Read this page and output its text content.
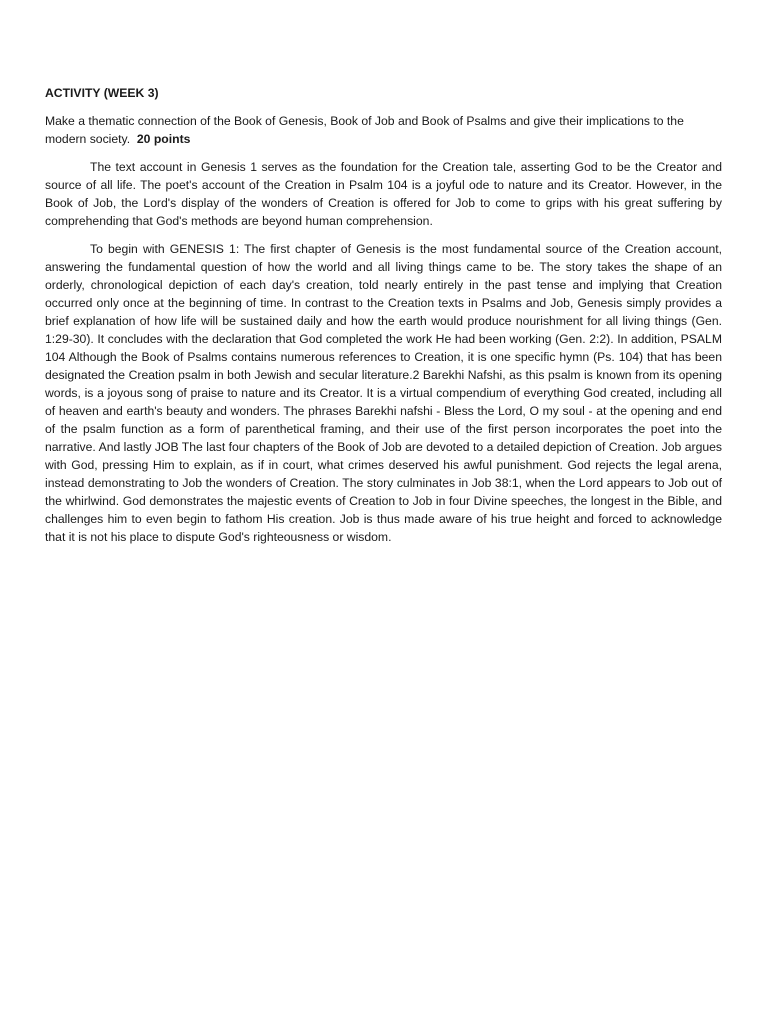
ACTIVITY (WEEK 3)

Make a thematic connection of the Book of Genesis, Book of Job and Book of Psalms and give their implications to the modern society. 20 points

The text account in Genesis 1 serves as the foundation for the Creation tale, asserting God to be the Creator and source of all life. The poet's account of the Creation in Psalm 104 is a joyful ode to nature and its Creator. However, in the Book of Job, the Lord's display of the wonders of Creation is offered for Job to come to grips with his great suffering by comprehending that God's methods are beyond human comprehension.

To begin with GENESIS 1: The first chapter of Genesis is the most fundamental source of the Creation account, answering the fundamental question of how the world and all living things came to be. The story takes the shape of an orderly, chronological depiction of each day's creation, told nearly entirely in the past tense and implying that Creation occurred only once at the beginning of time. In contrast to the Creation texts in Psalms and Job, Genesis simply provides a brief explanation of how life will be sustained daily and how the earth would produce nourishment for all living things (Gen. 1:29-30). It concludes with the declaration that God completed the work He had been working (Gen. 2:2). In addition, PSALM 104 Although the Book of Psalms contains numerous references to Creation, it is one specific hymn (Ps. 104) that has been designated the Creation psalm in both Jewish and secular literature.2 Barekhi Nafshi, as this psalm is known from its opening words, is a joyous song of praise to nature and its Creator. It is a virtual compendium of everything God created, including all of heaven and earth's beauty and wonders. The phrases Barekhi nafshi - Bless the Lord, O my soul - at the opening and end of the psalm function as a form of parenthetical framing, and their use of the first person incorporates the poet into the narrative. And lastly JOB The last four chapters of the Book of Job are devoted to a detailed depiction of Creation. Job argues with God, pressing Him to explain, as if in court, what crimes deserved his awful punishment. God rejects the legal arena, instead demonstrating to Job the wonders of Creation. The story culminates in Job 38:1, when the Lord appears to Job out of the whirlwind. God demonstrates the majestic events of Creation to Job in four Divine speeches, the longest in the Bible, and challenges him to even begin to fathom His creation. Job is thus made aware of his true height and forced to acknowledge that it is not his place to dispute God's righteousness or wisdom.
